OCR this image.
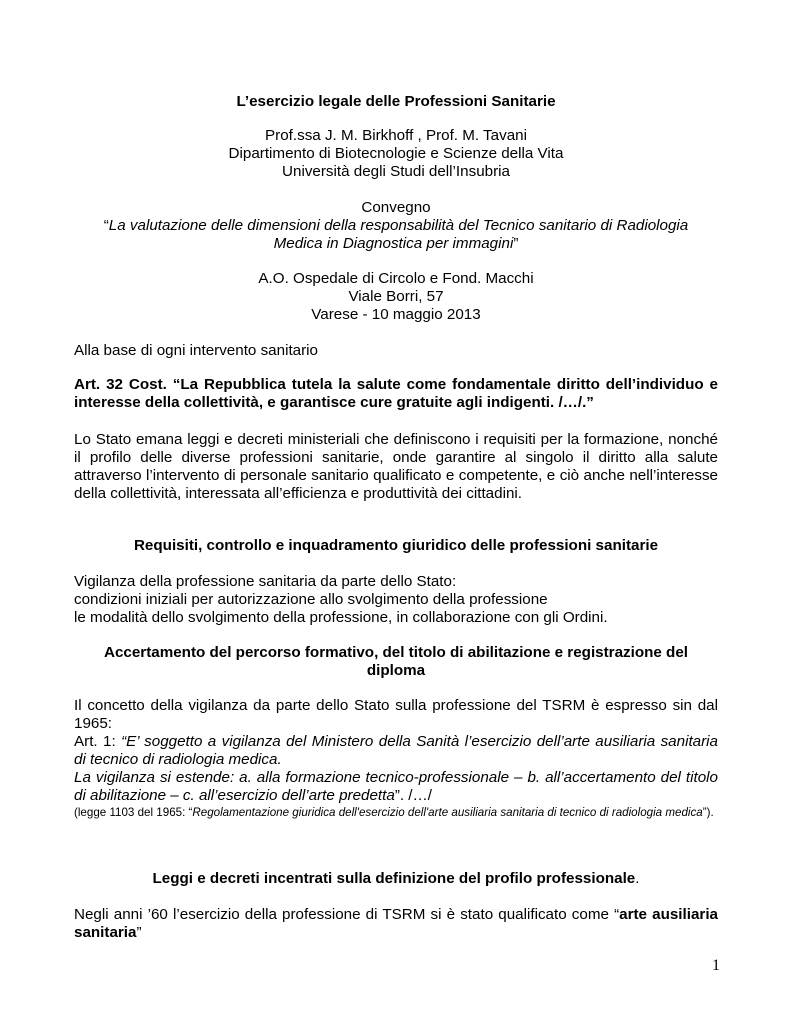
L’esercizio legale delle Professioni Sanitarie

Prof.ssa J. M. Birkhoff , Prof. M. Tavani
Dipartimento di Biotecnologie e Scienze della Vita
Università degli Studi dell’Insubria
Convegno
“La valutazione delle dimensioni della responsabilità del Tecnico sanitario di Radiologia
Medica in Diagnostica per immagini”
A.O. Ospedale di Circolo e Fond. Macchi
Viale Borri, 57
Varese - 10 maggio 2013

Alla base di ogni intervento sanitario

Art. 32 Cost. “La Repubblica tutela la salute come fondamentale diritto dell’individuo e interesse della collettività, e garantisce cure gratuite agli indigenti. /…/.”

Lo Stato emana leggi e decreti ministeriali che definiscono i requisiti per la formazione, nonché il profilo delle diverse professioni sanitarie, onde garantire al singolo il diritto alla salute attraverso l’intervento di personale sanitario qualificato e competente, e ciò anche nell’interesse della collettività, interessata all’efficienza e produttività dei cittadini.

Requisiti, controllo e inquadramento giuridico delle professioni sanitarie

Vigilanza della professione sanitaria da parte dello Stato:
condizioni iniziali per autorizzazione allo svolgimento della professione
le modalità dello svolgimento della professione, in collaborazione con gli Ordini.

Accertamento del percorso formativo, del titolo di abilitazione e registrazione del diploma

Il concetto della vigilanza da parte dello Stato sulla professione del TSRM è espresso sin dal 1965:

Art. 1: “E’ soggetto a vigilanza del Ministero della Sanità l’esercizio dell’arte ausiliaria sanitaria di tecnico di radiologia medica.

La vigilanza si estende: a. alla formazione tecnico-professionale – b. all’accertamento del titolo di abilitazione – c. all’esercizio dell’arte predetta”. /…/

(legge 1103 del 1965: “Regolamentazione giuridica dell'esercizio dell'arte ausiliaria sanitaria di tecnico di radiologia medica”).

Leggi e decreti incentrati sulla definizione del profilo professionale.

Negli anni ’60 l’esercizio della professione di TSRM si è stato qualificato come “arte ausiliaria sanitaria”

1
